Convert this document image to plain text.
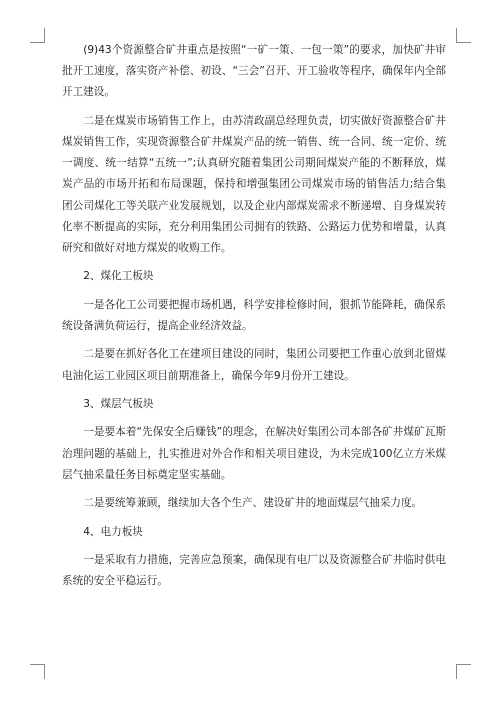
(9)43个资源整合矿井重点是按照“一矿一策、一包一策”的要求，加快矿井审批开工速度，落实资产补偿、初设、“三会”召开、开工验收等程序，确保年内全部开工建设。

二是在煤炭市场销售工作上，由苏清政副总经理负责，切实做好资源整合矿井煤炭销售工作，实现资源整合矿井煤炭产品的统一销售、统一合同、统一定价、统一调度、统一结算“五统一”;认真研究随着集团公司期间煤炭产能的不断释放，煤炭产品的市场开拓和布局课题，保持和增强集团公司煤炭市场的销售活力;结合集团公司煤化工等关联产业发展规划，以及企业内部煤炭需求不断递增、自身煤炭转化率不断提高的实际，充分利用集团公司拥有的铁路、公路运力优势和增量，认真研究和做好对地方煤炭的收购工作。

2、煤化工板块

一是各化工公司要把握市场机遇，科学安排检修时间，狠抓节能降耗，确保系统设备满负荷运行，提高企业经济效益。

二是要在抓好各化工在建项目建设的同时，集团公司要把工作重心放到北留煤电油化运工业园区项目前期准备上，确保今年9月份开工建设。

3、煤层气板块

一是要本着“先保安全后赚钱”的理念，在解决好集团公司本部各矿井煤矿瓦斯治理问题的基础上，扎实推进对外合作和相关项目建设，为未完成100亿立方米煤层气抽采量任务目标奠定坚实基础。

二是要统筹兼顾，继续加大各个生产、建设矿井的地面煤层气抽采力度。

4、电力板块

一是采取有力措施，完善应急预案，确保现有电厂以及资源整合矿井临时供电系统的安全平稳运行。
